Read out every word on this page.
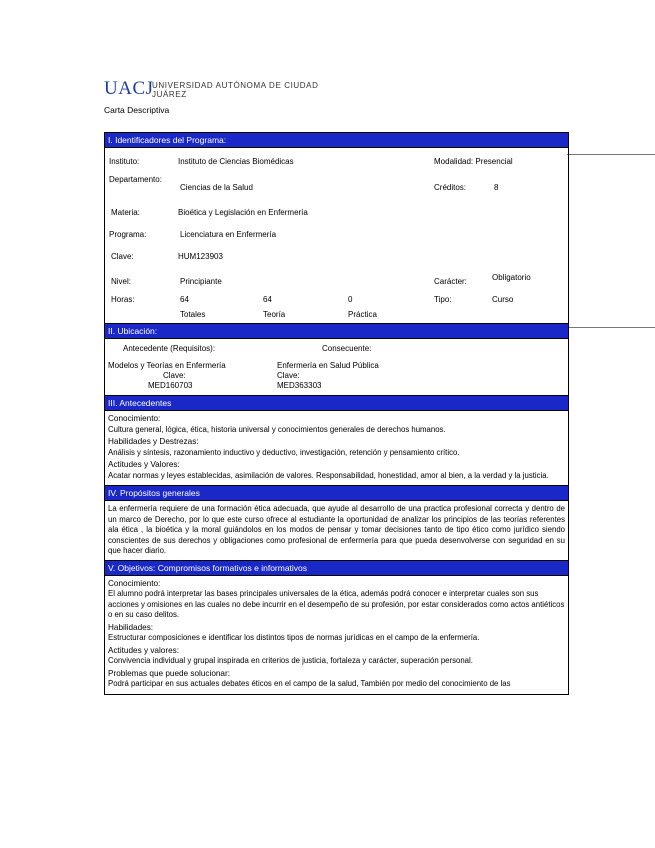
UACJ
UNIVERSIDAD AUTÓNOMA DE CIUDAD JUÁREZ
Carta Descriptiva
I. Identificadores del Programa:
Instituto:	Instituto de Ciencias Biomédicas	Modalidad: Presencial
Departamento:
Ciencias de la Salud	Créditos:	8
Materia:	Bioética y Legislación en Enfermería
Programa:	Licenciatura en Enfermería
Clave:	HUM123903
Nivel:	Principiante	Carácter:	Obligatorio
Horas:	64	64	0	Tipo:	Curso
Totales	Teoría	Práctica
II. Ubicación:
Antecedente (Requisitos):	Consecuente:
Modelos y Teorías en Enfermería
Clave:
MED160703
Enfermería en Salud Pública
Clave:
MED363303
III. Antecedentes
Conocimiento:
Cultura general, lógica, ética, historia universal y conocimientos generales de derechos humanos.
Habilidades y Destrezas:
Análisis y síntesis, razonamiento inductivo y deductivo, investigación, retención y pensamiento crítico.
Actitudes y Valores:
Acatar normas y leyes establecidas, asimilación de valores. Responsabilidad, honestidad, amor al bien, a la verdad y la justicia.
IV. Propósitos generales
La enfermería requiere de una formación ética adecuada, que ayude al desarrollo de una practica profesional correcta y dentro de un marco de Derecho, por lo que este curso ofrece al estudiante la oportunidad de analizar los principios de las teorías referentes ala ética , la bioética y la moral guiándolos en los modos de pensar y tomar decisiones tanto de tipo ético como jurídico siendo conscientes de sus derechos y obligaciones como profesional de enfermería para que pueda desenvolverse con seguridad en su que hacer diario.
V. Objetivos: Compromisos formativos e informativos
Conocimiento:
El alumno podrá interpretar las bases principales universales de la ética, además podrá conocer e interpretar cuales son sus acciones y omisiones en las cuales no debe incurrir en el desempeño de su profesión, por estar considerados como actos antiéticos o en su caso delitos.
Habilidades:
Estructurar composiciones e identificar los distintos tipos de normas jurídicas en el campo de la enfermería.
Actitudes y valores:
Convivencia individual y grupal inspirada en criterios de justicia, fortaleza y carácter, superación personal.
Problemas que puede solucionar:
Podrá participar en sus actuales debates éticos en el campo de la salud, También por medio del conocimiento de las
